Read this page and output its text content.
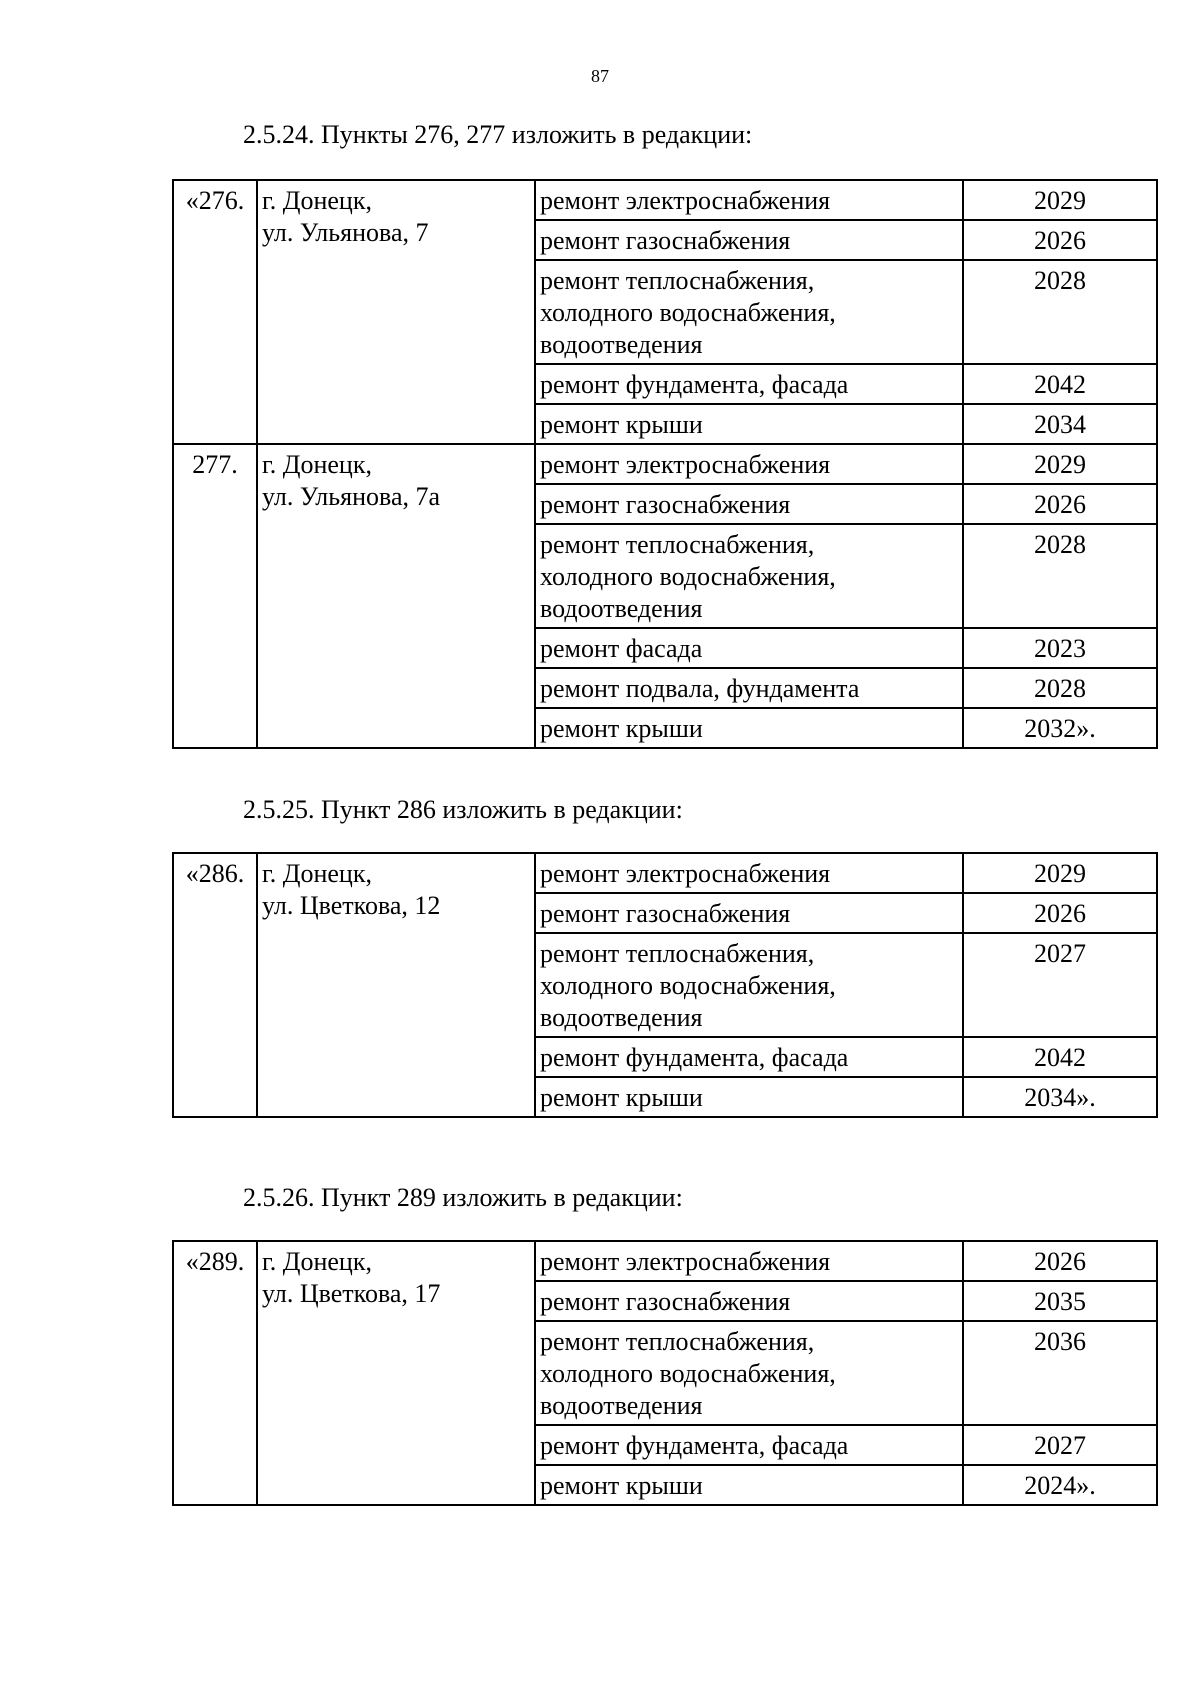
87
2.5.24. Пункты 276, 277 изложить в редакции:
«276.	г. Донецк,
ул. Ульянова, 7	ремонт электроснабжения	2029

		ремонт газоснабжения	2026

		ремонт теплоснабжения,
холодного водоснабжения,
водоотведения	2028

		ремонт фундамента, фасада	2042

		ремонт крыши	2034
277.	г. Донецк,
ул. Ульянова, 7а	ремонт электроснабжения	2029

		ремонт газоснабжения	2026

		ремонт теплоснабжения,
холодного водоснабжения,
водоотведения	2028

		ремонт фасада	2023

		ремонт подвала, фундамента	2028

		ремонт крыши	2032».
2.5.25. Пункт 286 изложить в редакции:
«286.	г. Донецк,
ул. Цветкова, 12	ремонт электроснабжения	2029

		ремонт газоснабжения	2026

		ремонт теплоснабжения,
холодного водоснабжения,
водоотведения	2027

		ремонт фундамента, фасада	2042

		ремонт крыши	2034».
2.5.26. Пункт 289 изложить в редакции:
«289.	г. Донецк,
ул. Цветкова, 17	ремонт электроснабжения	2026

		ремонт газоснабжения	2035

		ремонт теплоснабжения,
холодного водоснабжения,
водоотведения	2036

		ремонт фундамента, фасада	2027

		ремонт крыши	2024».
